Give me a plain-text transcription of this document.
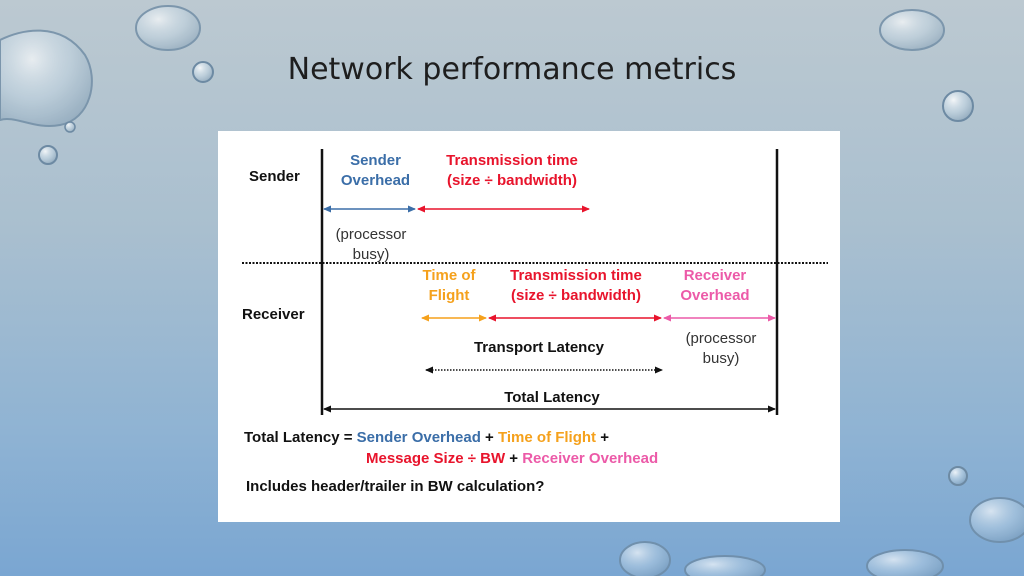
Network performance metrics
Sender
Receiver
Sender
Overhead
Transmission time
(size ÷ bandwidth)
(processor
busy)
Time of
Flight
Transmission time
(size ÷ bandwidth)
Receiver
Overhead
(processor
busy)
Transport Latency
Total Latency
Total Latency = Sender Overhead + Time of Flight +
Message Size ÷ BW + Receiver Overhead
Includes header/trailer in BW calculation?
